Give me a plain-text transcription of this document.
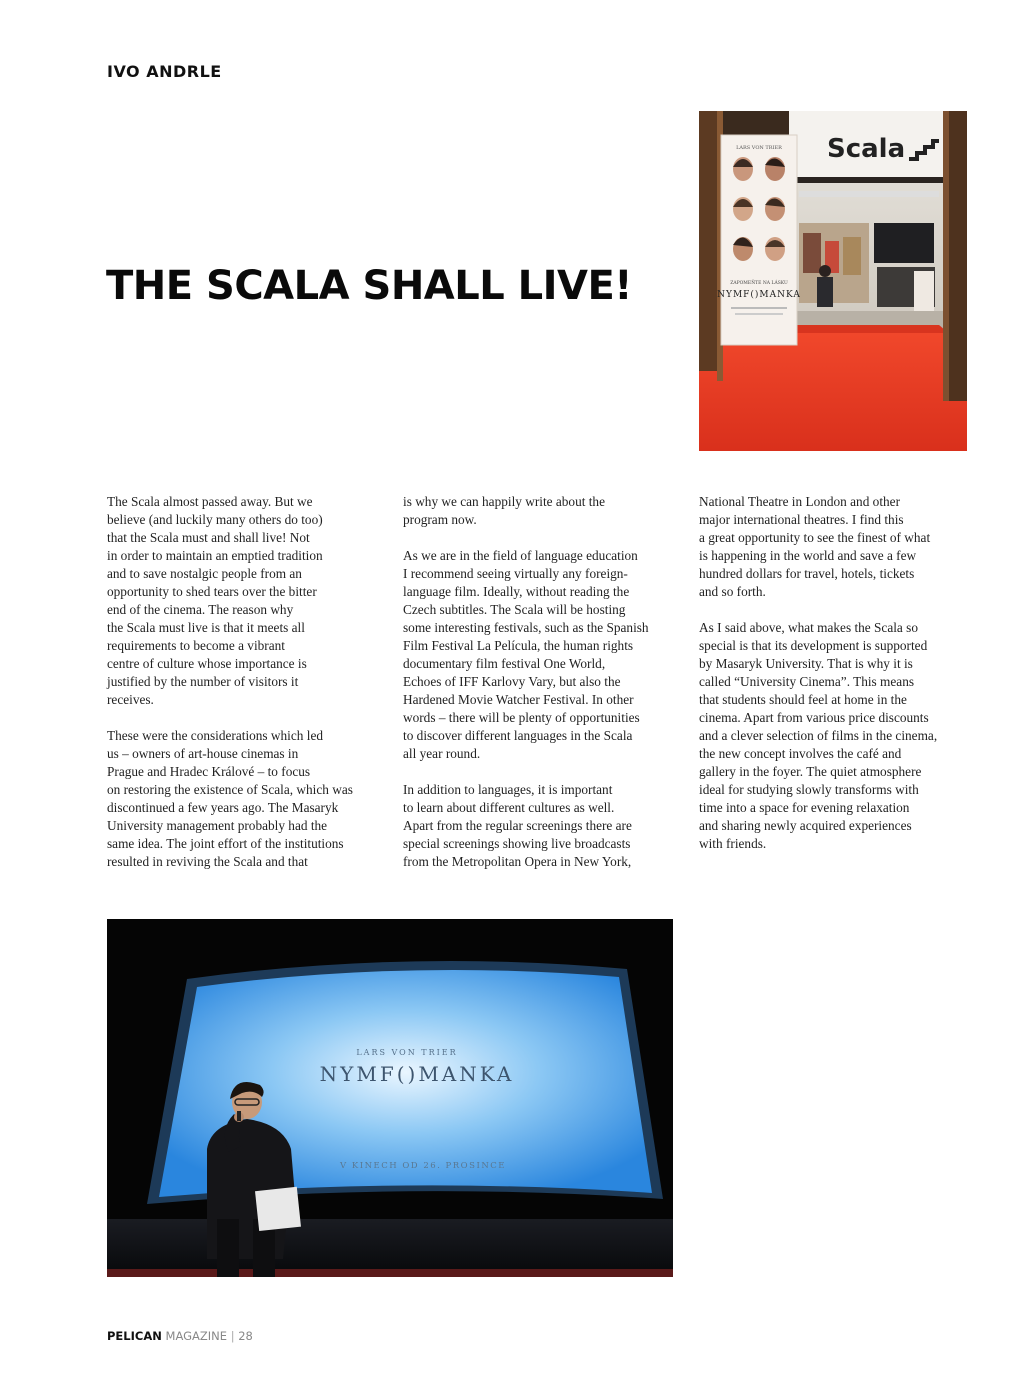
IVO ANDRLE
THE SCALA SHALL LIVE!
Scala
LARS VON TRIER
ZAPOMEŇTE NA LÁSKU
NYMF()MANKA

The Scala almost passed away. But we
believe (and luckily many others do too)
that the Scala must and shall live! Not
in order to maintain an emptied tradition
and to save nostalgic people from an
opportunity to shed tears over the bitter
end of the cinema. The reason why
the Scala must live is that it meets all
requirements to become a vibrant
centre of culture whose importance is
justified by the number of visitors it
receives.

These were the considerations which led
us – owners of art-house cinemas in
Prague and Hradec Králové – to focus
on restoring the existence of Scala, which was
discontinued a few years ago. The Masaryk
University management probably had the
same idea. The joint effort of the institutions
resulted in reviving the Scala and that

is why we can happily write about the
program now.

As we are in the field of language education
I recommend seeing virtually any foreign-
language film. Ideally, without reading the
Czech subtitles. The Scala will be hosting
some interesting festivals, such as the Spanish
Film Festival La Película, the human rights
documentary film festival One World,
Echoes of IFF Karlovy Vary, but also the
Hardened Movie Watcher Festival. In other
words – there will be plenty of opportunities
to discover different languages in the Scala
all year round.

In addition to languages, it is important
to learn about different cultures as well.
Apart from the regular screenings there are
special screenings showing live broadcasts
from the Metropolitan Opera in New York,

National Theatre in London and other
major international theatres. I find this
a great opportunity to see the finest of what
is happening in the world and save a few
hundred dollars for travel, hotels, tickets
and so forth.

As I said above, what makes the Scala so
special is that its development is supported
by Masaryk University. That is why it is
called “University Cinema”. This means
that students should feel at home in the
cinema. Apart from various price discounts
and a clever selection of films in the cinema,
the new concept involves the café and
gallery in the foyer. The quiet atmosphere
ideal for studying slowly transforms with
time into a space for evening relaxation
and sharing newly acquired experiences
with friends.

LARS VON TRIER
NYMF()MANKA
V KINECH OD 26. PROSINCE
PELICAN MAGAZINE | 28
